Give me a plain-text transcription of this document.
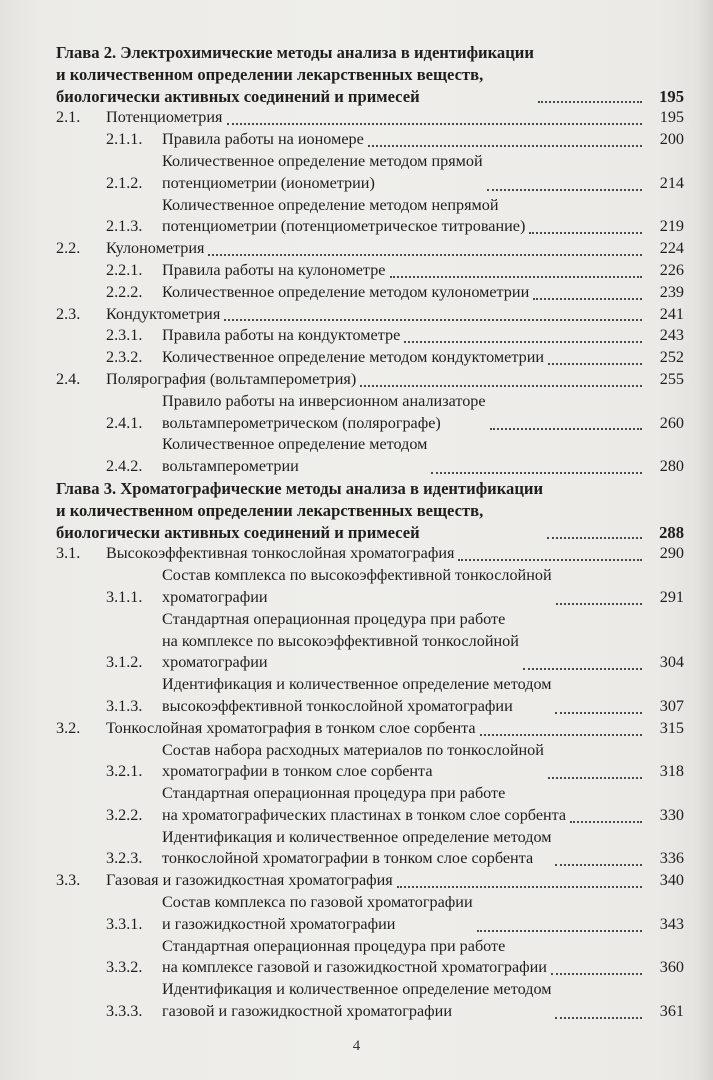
Глава 2. Электрохимические методы анализа в идентификации
и количественном определении лекарственных веществ,
биологически активных соединений и примесей	195
2.1.	Потенциометрия	195
2.1.1.	Правила работы на иономере	200
2.1.2.
Количественное определение методом прямой
потенциометрии (ионометрии)	214
2.1.3.
Количественное определение методом непрямой
потенциометрии (потенциометрическое титрование)	219
2.2.	Кулонометрия	224
2.2.1.	Правила работы на кулонометре	226
2.2.2.	Количественное определение методом кулонометрии	239
2.3.	Кондуктометрия	241
2.3.1.	Правила работы на кондуктометре	243
2.3.2.	Количественное определение методом кондуктометрии	252
2.4.	Полярография (вольтамперометрия)	255
2.4.1.
Правило работы на инверсионном анализаторе
вольтамперометрическом (полярографе)	260
2.4.2.
Количественное определение методом
вольтамперометрии	280
Глава 3. Хроматографические методы анализа в идентификации
и количественном определении лекарственных веществ,
биологически активных соединений и примесей	288
3.1.	Высокоэффективная тонкослойная хроматография	290
3.1.1.
Состав комплекса по высокоэффективной тонкослойной
хроматографии	291
3.1.2.
Стандартная операционная процедура при работе
на комплексе по высокоэффективной тонкослойной
хроматографии	304
3.1.3.
Идентификация и количественное определение методом
высокоэффективной тонкослойной хроматографии	307
3.2.	Тонкослойная хроматография в тонком слое сорбента	315
3.2.1.
Состав набора расходных материалов по тонкослойной
хроматографии в тонком слое сорбента	318
3.2.2.
Стандартная операционная процедура при работе
на хроматографических пластинах в тонком слое сорбента	330
3.2.3.
Идентификация и количественное определение методом
тонкослойной хроматографии в тонком слое сорбента	336
3.3.	Газовая и газожидкостная хроматография	340
3.3.1.
Состав комплекса по газовой хроматографии
и газожидкостной хроматографии	343
3.3.2.
Стандартная операционная процедура при работе
на комплексе газовой и газожидкостной хроматографии	360
3.3.3.
Идентификация и количественное определение методом
газовой и газожидкостной хроматографии	361
4
